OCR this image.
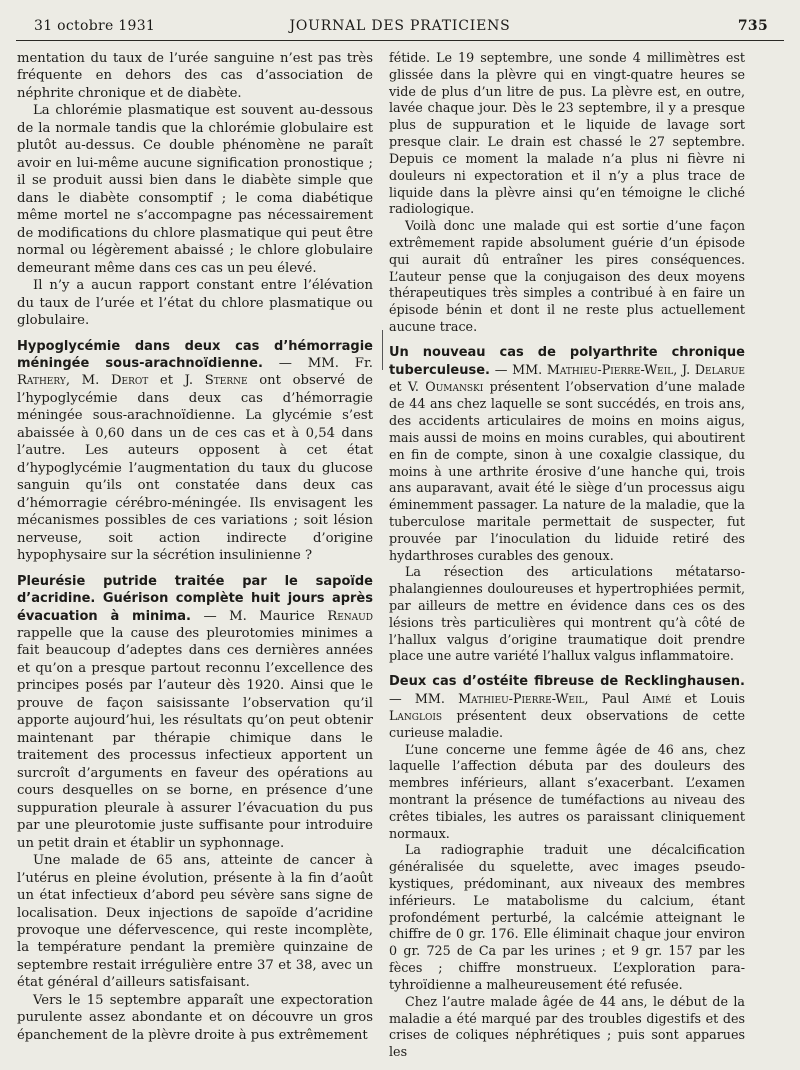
31 octobre 1931	JOURNAL DES PRATICIENS	735

mentation du taux de l’urée sanguine n’est pas très fréquente en dehors des cas d’association de néphrite chronique et de diabète.

La chlorémie plasmatique est souvent au-dessous de la normale tandis que la chlorémie globulaire est plutôt au-dessus. Ce double phénomène ne paraît avoir en lui-même aucune signification pronostique ; il se produit aussi bien dans le diabète simple que dans le diabète consomptif ; le coma diabétique même mortel ne s’accompagne pas nécessairement de modifications du chlore plasmatique qui peut être normal ou légèrement abaissé ; le chlore globulaire demeurant même dans ces cas un peu élevé.

Il n’y a aucun rapport constant entre l’élévation du taux de l’urée et l’état du chlore plasmatique ou globulaire.

Hypoglycémie dans deux cas d’hémorragie méningée sous-arachnoïdienne. — MM. Fr. Rathery, M. Derot et J. Sterne ont observé de l’hypoglycémie dans deux cas d’hémorragie méningée sous-arachnoïdienne. La glycémie s’est abaissée à 0,60 dans un de ces cas et à 0,54 dans l’autre. Les auteurs opposent à cet état d’hypoglycémie l’augmentation du taux du glucose sanguin qu’ils ont constatée dans deux cas d’hémorragie cérébro-méningée. Ils envisagent les mécanismes possibles de ces variations ; soit lésion nerveuse, soit action indirecte d’origine hypophysaire sur la sécrétion insulinienne ?

Pleurésie putride traitée par le sapoïde d’acridine. Guérison complète huit jours après évacuation à minima. — M. Maurice Renaud rappelle que la cause des pleurotomies minimes a fait beaucoup d’adeptes dans ces dernières années et qu’on a presque partout reconnu l’excellence des principes posés par l’auteur dès 1920. Ainsi que le prouve de façon saisissante l’observation qu’il apporte aujourd’hui, les résultats qu’on peut obtenir maintenant par thérapie chimique dans le traitement des processus infectieux apportent un surcroît d’arguments en faveur des opérations au cours desquelles on se borne, en présence d’une suppuration pleurale à assurer l’évacuation du pus par une pleurotomie juste suffisante pour introduire un petit drain et établir un syphonnage.

Une malade de 65 ans, atteinte de cancer à l’utérus en pleine évolution, présente à la fin d’août un état infectieux d’abord peu sévère sans signe de localisation. Deux injections de sapoïde d’acridine provoque une défervescence, qui reste incomplète, la température pendant la première quinzaine de septembre restait irrégulière entre 37 et 38, avec un état général d’ailleurs satisfaisant.

Vers le 15 septembre apparaît une expectoration purulente assez abondante et on découvre un gros épanchement de la plèvre droite à pus extrêmement

fétide. Le 19 septembre, une sonde 4 millimètres est glissée dans la plèvre qui en vingt-quatre heures se vide de plus d’un litre de pus. La plèvre est, en outre, lavée chaque jour. Dès le 23 septembre, il y a presque plus de suppuration et le liquide de lavage sort presque clair. Le drain est chassé le 27 septembre. Depuis ce moment la malade n’a plus ni fièvre ni douleurs ni expectoration et il n’y a plus trace de liquide dans la plèvre ainsi qu’en témoigne le cliché radiologique.

Voilà donc une malade qui est sortie d’une façon extrêmement rapide absolument guérie d’un épisode qui aurait dû entraîner les pires conséquences. L’auteur pense que la conjugaison des deux moyens thérapeutiques très simples a contribué à en faire un épisode bénin et dont il ne reste plus actuellement aucune trace.

Un nouveau cas de polyarthrite chronique tuberculeuse. — MM. Mathieu-Pierre-Weil, J. Delarue et V. Oumanski présentent l’observation d’une malade de 44 ans chez laquelle se sont succédés, en trois ans, des accidents articulaires de moins en moins aigus, mais aussi de moins en moins curables, qui aboutirent en fin de compte, sinon à une coxalgie classique, du moins à une arthrite érosive d’une hanche qui, trois ans auparavant, avait été le siège d’un processus aigu éminemment passager. La nature de la maladie, que la tuberculose maritale permettait de suspecter, fut prouvée par l’inoculation du liduide retiré des hydarthroses curables des genoux.

La résection des articulations métatarso-phalangiennes douloureuses et hypertrophiées permit, par ailleurs de mettre en évidence dans ces os des lésions très particulières qui montrent qu’à côté de l’hallux valgus d’origine traumatique doit prendre place une autre variété l’hallux valgus inflammatoire.

Deux cas d’ostéite fibreuse de Recklinghausen. — MM. Mathieu-Pierre-Weil, Paul Aimé et Louis Langlois présentent deux observations de cette curieuse maladie.

L’une concerne une femme âgée de 46 ans, chez laquelle l’affection débuta par des douleurs des membres inférieurs, allant s’exacerbant. L’examen montrant la présence de tuméfactions au niveau des crêtes tibiales, les autres os paraissant cliniquement normaux.

La radiographie traduit une décalcification généralisée du squelette, avec images pseudo-kystiques, prédominant, aux niveaux des membres inférieurs. Le matabolisme du calcium, étant profondément perturbé, la calcémie atteignant le chiffre de 0 gr. 176. Elle éliminait chaque jour environ 0 gr. 725 de Ca par les urines ; et 9 gr. 157 par les fèces ; chiffre monstrueux. L’exploration para-tyhroïdienne a malheureusement été refusée.

Chez l’autre malade âgée de 44 ans, le début de la maladie a été marqué par des troubles digestifs et des crises de coliques néphrétiques ; puis sont apparues les
